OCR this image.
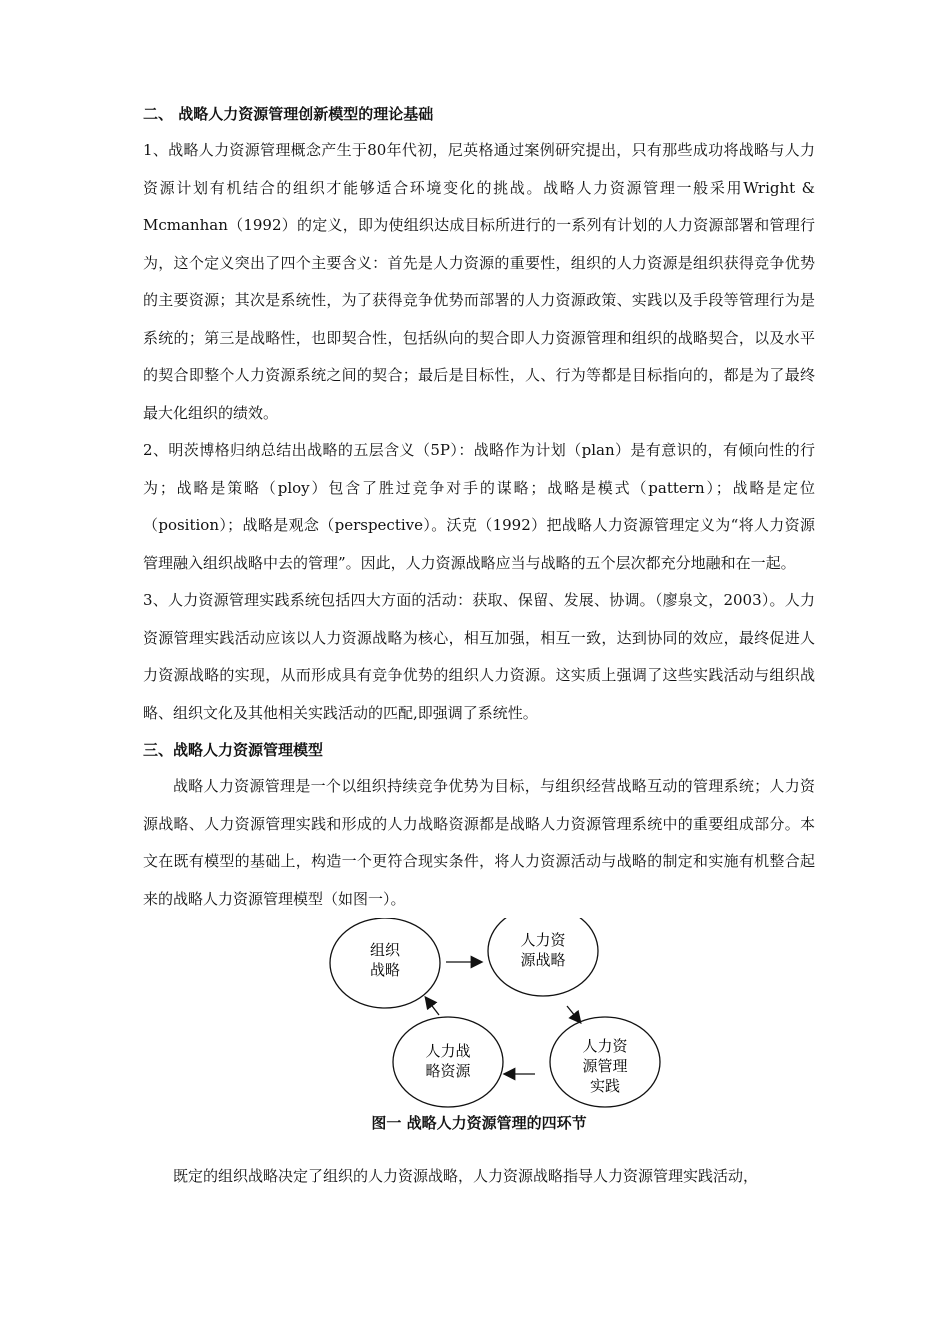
二、 战略人力资源管理创新模型的理论基础

1、战略人力资源管理概念产生于80年代初，尼英格通过案例研究提出，只有那些成功将战略与人力资源计划有机结合的组织才能够适合环境变化的挑战。战略人力资源管理一般采用Wright & Mcmanhan（1992）的定义，即为使组织达成目标所进行的一系列有计划的人力资源部署和管理行为，这个定义突出了四个主要含义：首先是人力资源的重要性，组织的人力资源是组织获得竞争优势的主要资源；其次是系统性，为了获得竞争优势而部署的人力资源政策、实践以及手段等管理行为是系统的；第三是战略性，也即契合性，包括纵向的契合即人力资源管理和组织的战略契合，以及水平的契合即整个人力资源系统之间的契合；最后是目标性，人、行为等都是目标指向的，都是为了最终最大化组织的绩效。

2、明茨博格归纳总结出战略的五层含义（5P）：战略作为计划（plan）是有意识的，有倾向性的行为；战略是策略（ploy）包含了胜过竞争对手的谋略；战略是模式（pattern）；战略是定位（position）；战略是观念（perspective）。沃克（1992）把战略人力资源管理定义为“将人力资源管理融入组织战略中去的管理”。因此，人力资源战略应当与战略的五个层次都充分地融和在一起。

3、人力资源管理实践系统包括四大方面的活动：获取、保留、发展、协调。（廖泉文，2003）。人力资源管理实践活动应该以人力资源战略为核心，相互加强，相互一致，达到协同的效应，最终促进人力资源战略的实现，从而形成具有竞争优势的组织人力资源。这实质上强调了这些实践活动与组织战略、组织文化及其他相关实践活动的匹配,即强调了系统性。

三、战略人力资源管理模型

战略人力资源管理是一个以组织持续竞争优势为目标，与组织经营战略互动的管理系统；人力资源战略、人力资源管理实践和形成的人力战略资源都是战略人力资源管理系统中的重要组成部分。本文在既有模型的基础上，构造一个更符合现实条件，将人力资源活动与战略的制定和实施有机整合起来的战略人力资源管理模型（如图一）。

组织
战略
人力资
源战略
人力资
源管理
实践
人力战
略资源
图一 战略人力资源管理的四环节

既定的组织战略决定了组织的人力资源战略，人力资源战略指导人力资源管理实践活动，
